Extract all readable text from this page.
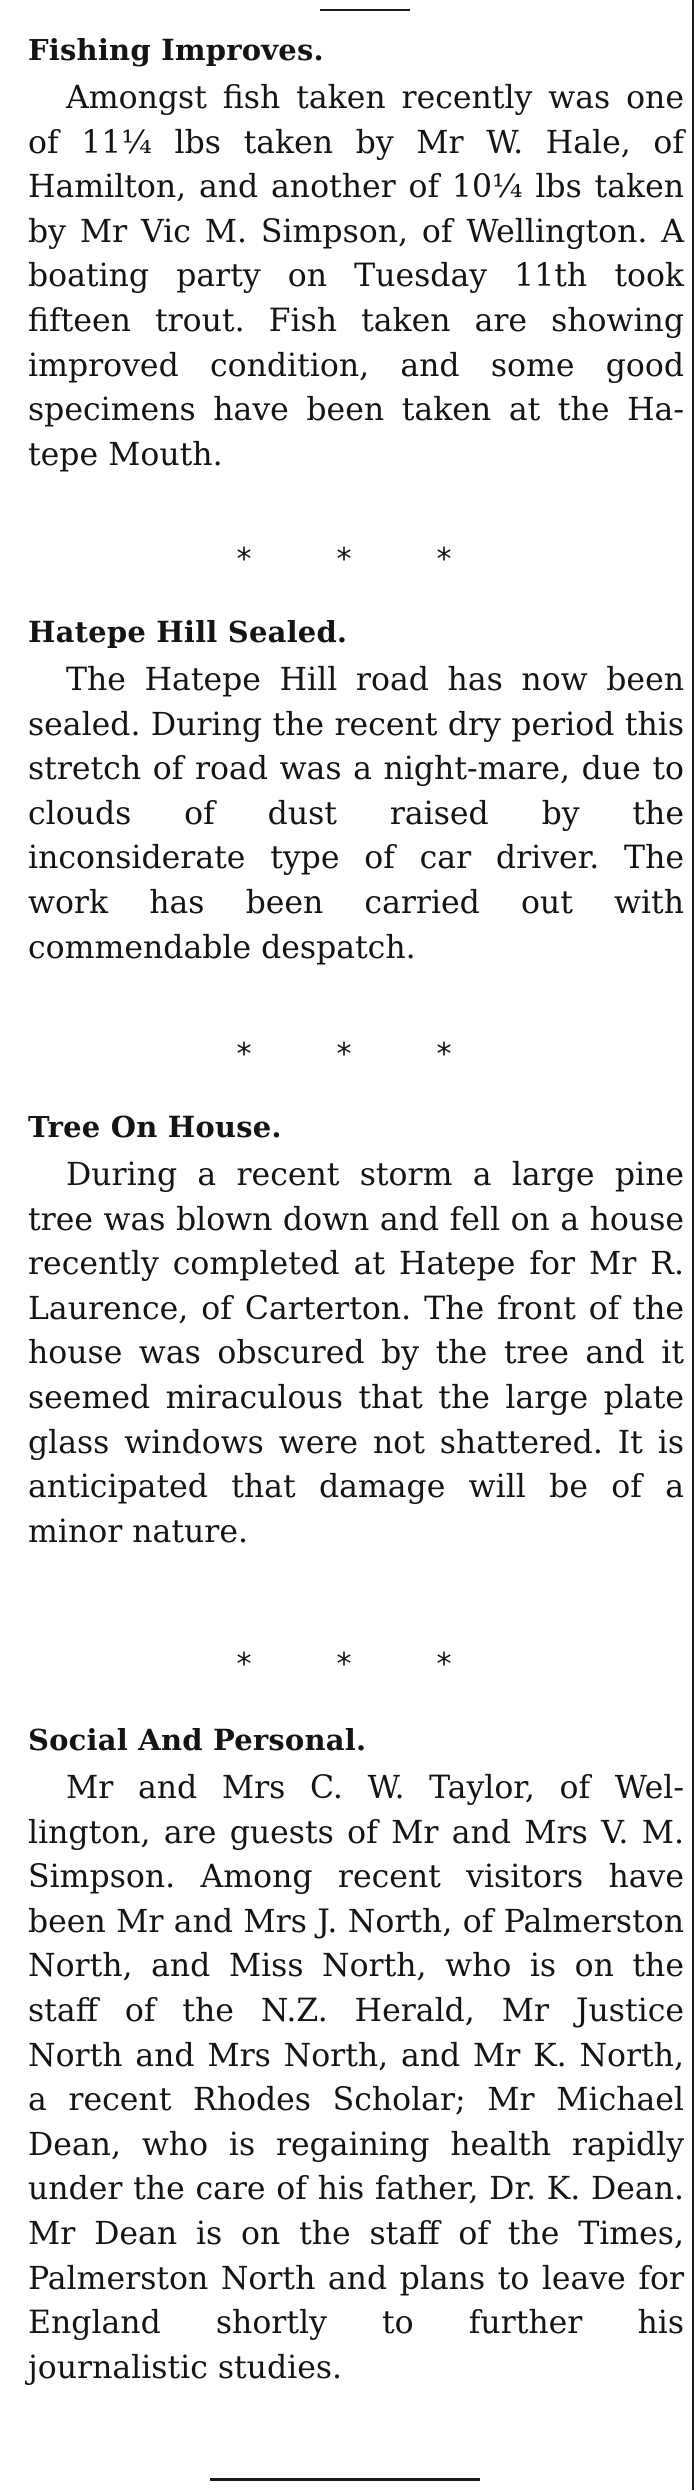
Fishing Improves.

Amongst fish taken recently was one of 11¼ lbs taken by Mr W. Hale, of Hamilton, and another of 10¼ lbs taken by Mr Vic M. Simpson, of Wellington. A boating party on Tuesday 11th took fifteen trout. Fish taken are showing improved condition, and some good specimens have been taken at the Hatepe Mouth.

*	*	*
Hatepe Hill Sealed.

The Hatepe Hill road has now been sealed. During the recent dry period this stretch of road was a night-mare, due to clouds of dust raised by the inconsiderate type of car driver. The work has been carried out with commendable despatch.

*	*	*
Tree On House.

During a recent storm a large pine tree was blown down and fell on a house recently completed at Hatepe for Mr R. Laurence, of Carterton. The front of the house was obscured by the tree and it seemed miraculous that the large plate glass windows were not shattered. It is anticipated that damage will be of a minor nature.

*	*	*
Social And Personal.

Mr and Mrs C. W. Taylor, of Wellington, are guests of Mr and Mrs V. M. Simpson. Among recent visitors have been Mr and Mrs J. North, of Palmerston North, and Miss North, who is on the staff of the N.Z. Herald, Mr Justice North and Mrs North, and Mr K. North, a recent Rhodes Scholar; Mr Michael Dean, who is regaining health rapidly under the care of his father, Dr. K. Dean. Mr Dean is on the staff of the Times, Palmerston North and plans to leave for England shortly to further his journalistic studies.
